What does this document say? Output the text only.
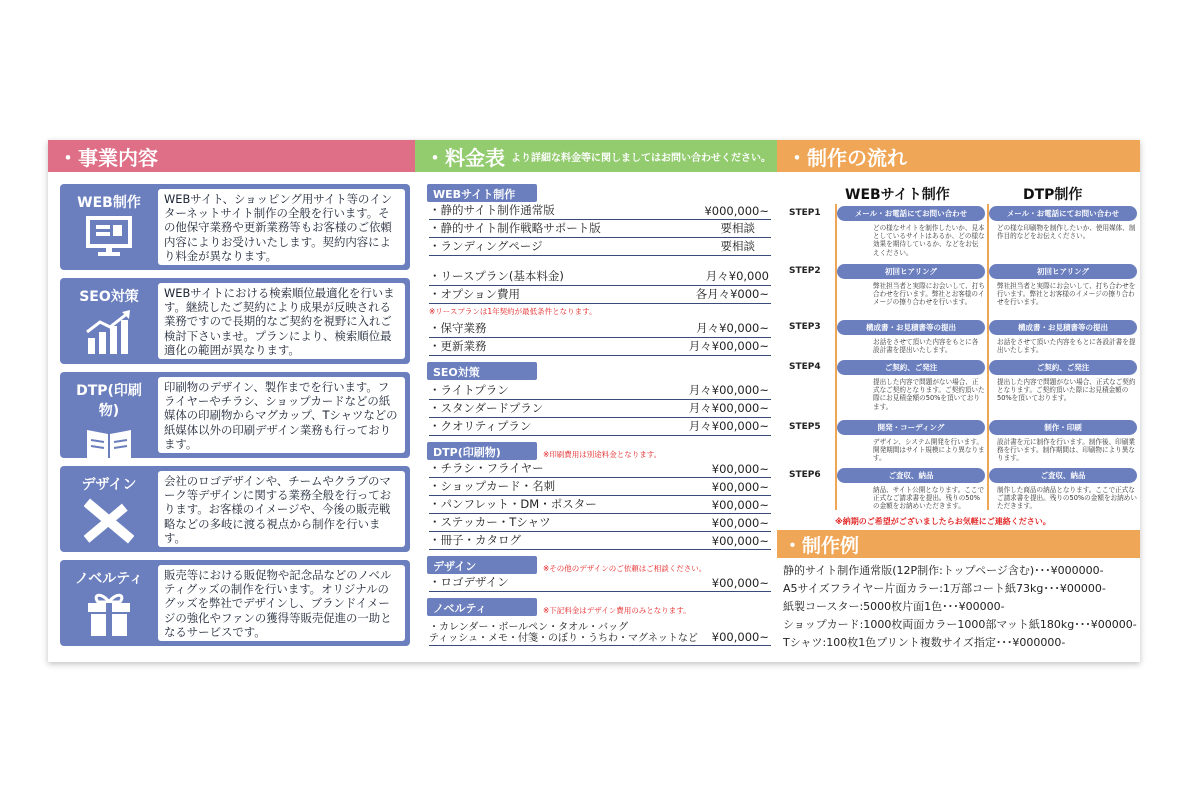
・事業内容
WEB制作	WEBサイト、ショッピング用サイト等のインターネットサイト制作の全般を行います。その他保守業務や更新業務等もお客様のご依頼内容によりお受けいたします。契約内容により料金が異なります。
SEO対策	WEBサイトにおける検索順位最適化を行います。継続したご契約により成果が反映される業務ですので長期的なご契約を視野に入れご検討下さいませ。プランにより、検索順位最適化の範囲が異なります。
DTP(印刷物)
印刷物のデザイン、製作までを行います。フライヤーやチラシ、ショップカードなどの紙媒体の印刷物からマグカップ、Tシャツなどの紙媒体以外の印刷デザイン業務も行っております。
デザイン	会社のロゴデザインや、チームやクラブのマーク等デザインに関する業務全般を行っております。お客様のイメージや、今後の販売戦略などの多岐に渡る視点から制作を行います。
ノベルティ	販売等における販促物や記念品などのノベルティグッズの制作を行います。オリジナルのグッズを弊社でデザインし、ブランドイメージの強化やファンの獲得等販売促進の一助となるサービスです。
・料金表 より詳細な料金等に関しましてはお問い合わせください。
WEBサイト制作
・静的サイト制作通常版	¥000,000~
・静的サイト制作戦略サポート版	要相談
・ランディングページ	要相談
・リースプラン(基本料金)	月々¥0,000
・オプション費用	各月々¥000~
※リースプランは1年契約が最低条件となります。
・保守業務	月々¥0,000~
・更新業務	月々¥00,000~
SEO対策
・ライトプラン	月々¥00,000~
・スタンダードプラン	月々¥00,000~
・クオリティプラン	月々¥00,000~
DTP(印刷物)	※印刷費用は別途料金となります。
・チラシ・フライヤー	¥00,000~
・ショップカード・名刺	¥00,000~
・パンフレット・DM・ポスター	¥00,000~
・ステッカー・Tシャツ	¥00,000~
・冊子・カタログ	¥00,000~
デザイン	※その他のデザインのご依頼はご相談ください。
・ロゴデザイン	¥00,000~
ノベルティ	※下記料金はデザイン費用のみとなります。
・カレンダー・ボールペン・タオル・バッグ
ティッシュ・メモ・付箋・のぼり・うちわ・マグネットなど ¥00,000~
・制作の流れ
WEBサイト制作	DTP制作
STEP1	メール・お電話にてお問い合わせ	メール・お電話にてお問い合わせ
どの様なサイトを制作したいか、見本としているサイトはあるか、どの様な効果を期待しているか、などをお伝えください。
どの様な印刷物を制作したいか、使用媒体、制作目的などをお伝えください。
STEP2	初回ヒアリング	初回ヒアリング
弊社担当者と実際にお会いして、打ち合わせを行います。弊社とお客様のイメージの擦り合わせを行います。
弊社担当者と実際にお会いして、打ち合わせを行います。弊社とお客様のイメージの擦り合わせを行います。
STEP3	構成書・お見積書等の提出	構成書・お見積書等の提出
お話をさせて頂いた内容をもとに各設計書を提出いたします。
お話をさせて頂いた内容をもとに各設計書を提出いたします。
STEP4	ご契約、ご発注	ご契約、ご発注
提出した内容で問題がない場合、正式なご契約となります。ご契約頂いた際にお見積金額の50%を頂いております。
提出した内容で問題がない場合、正式なご契約となります。ご契約頂いた際にお見積金額の50%を頂いております。
STEP5	開発・コーディング	制作・印刷
デザイン、システム開発を行います。開発期間はサイト規模により異なります。
設計書を元に制作を行います。制作後、印刷業務を行います。制作期間は、印刷物により異なります。
STEP6	ご査収、納品	ご査収、納品
納品、サイト公開となります。ここで正式なご請求書を提出。残りの50%の金額をお納めいただきます。
制作した商品の納品となります。ここで正式なご請求書を提出。残りの50%の金額をお納めいただきます。
※納期のご希望がございましたらお気軽にご連絡ください。
・制作例
静的サイト制作通常版(12P制作:トップページ含む)･･･¥000000-
A5サイズフライヤー片面カラー:1万部コート紙73kg･･･¥00000-
紙製コースター:5000枚片面1色･･･¥00000-
ショップカード:1000枚両面カラー1000部マット紙180kg･･･¥00000-
Tシャツ:100枚1色プリント複数サイズ指定･･･¥000000-
